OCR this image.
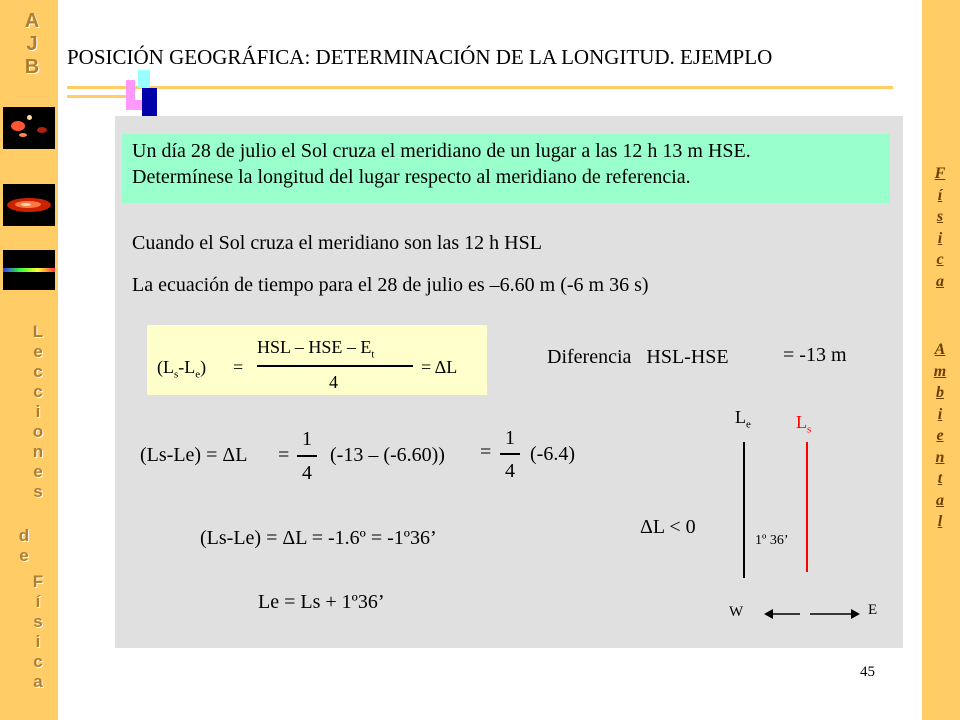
A
J
B
L
e
c
c
i
o
n
e
s
d
e
F
í
s
i
c
a
F
í
s
i
c
a
A
m
b
i
e
n
t
a
l
POSICIÓN GEOGRÁFICA: DETERMINACIÓN DE LA LONGITUD. EJEMPLO
Un día 28 de julio el Sol cruza el meridiano de un lugar a las 12 h 13 m HSE.
Determínese la longitud del lugar respecto al meridiano de referencia.
Cuando el Sol cruza el meridiano son las 12 h HSL
La ecuación de tiempo para el 28 de julio es –6.60 m (-6 m 36 s)
$(L_s-L_e)$ =
HSL – HSE – $E_t$
4
= ΔL	Diferencia HSL-HSE	= -13 m
(Ls-Le) = ΔL =
1
4
(-13 – (-6.60)) =
1
4
(-6.4)
(Ls-Le) = ΔL = -1.6º = -1º36’
Le = Ls + 1º36’
$L_e$	$L_s$
ΔL < 0
1º 36’
W	E
45
